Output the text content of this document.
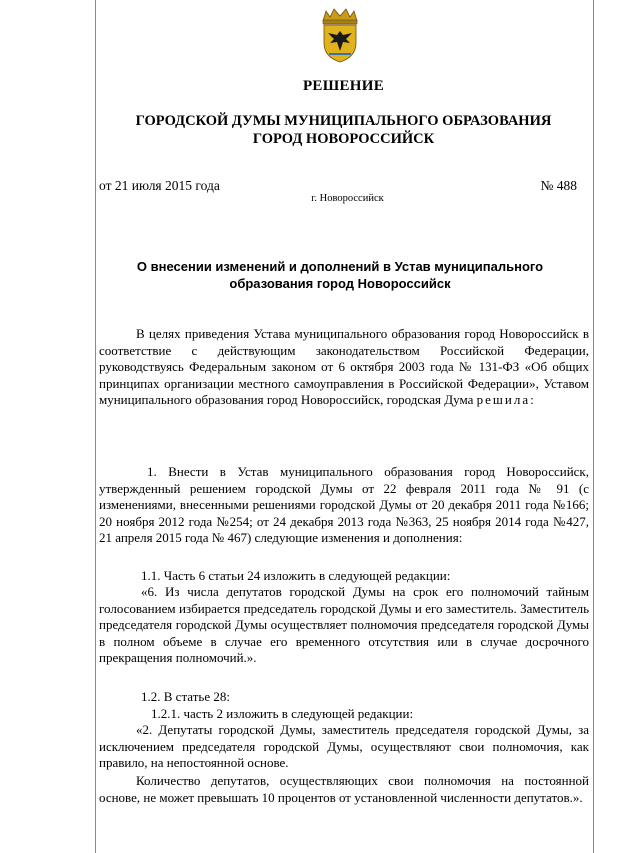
РЕШЕНИЕ
ГОРОДСКОЙ ДУМЫ МУНИЦИПАЛЬНОГО ОБРАЗОВАНИЯ
ГОРОД НОВОРОССИЙСК
от 21 июля 2015 года	№ 488
г. Новороссийск
О внесении изменений и дополнений в Устав муниципального
образования город Новороссийск

В целях приведения Устава муниципального образования город Новороссийск в соответствие с действующим законодательством Российской Федерации, руководствуясь Федеральным законом от 6 октября 2003 года № 131-ФЗ «Об общих принципах организации местного самоуправления в Российской Федерации», Уставом муниципального образования город Новороссийск, городская Дума решила:

1. Внести в Устав муниципального образования город Новороссийск, утвержденный решением городской Думы от 22 февраля 2011 года № 91 (с изменениями, внесенными решениями городской Думы от 20 декабря 2011 года №166; 20 ноября 2012 года №254; от 24 декабря 2013 года №363, 25 ноября 2014 года №427, 21 апреля 2015 года № 467) следующие изменения и дополнения:
1.1. Часть 6 статьи 24 изложить в следующей редакции:
«6. Из числа депутатов городской Думы на срок его полномочий тайным голосованием избирается председатель городской Думы и его заместитель. Заместитель председателя городской Думы осуществляет полномочия председателя городской Думы в полном объеме в случае его временного отсутствия или в случае досрочного прекращения полномочий.».
1.2. В статье 28:
1.2.1. часть 2 изложить в следующей редакции:
«2. Депутаты городской Думы, заместитель председателя городской Думы, за исключением председателя городской Думы, осуществляют свои полномочия, как правило, на непостоянной основе.
Количество депутатов, осуществляющих свои полномочия на постоянной основе, не может превышать 10 процентов от установленной численности депутатов.».
